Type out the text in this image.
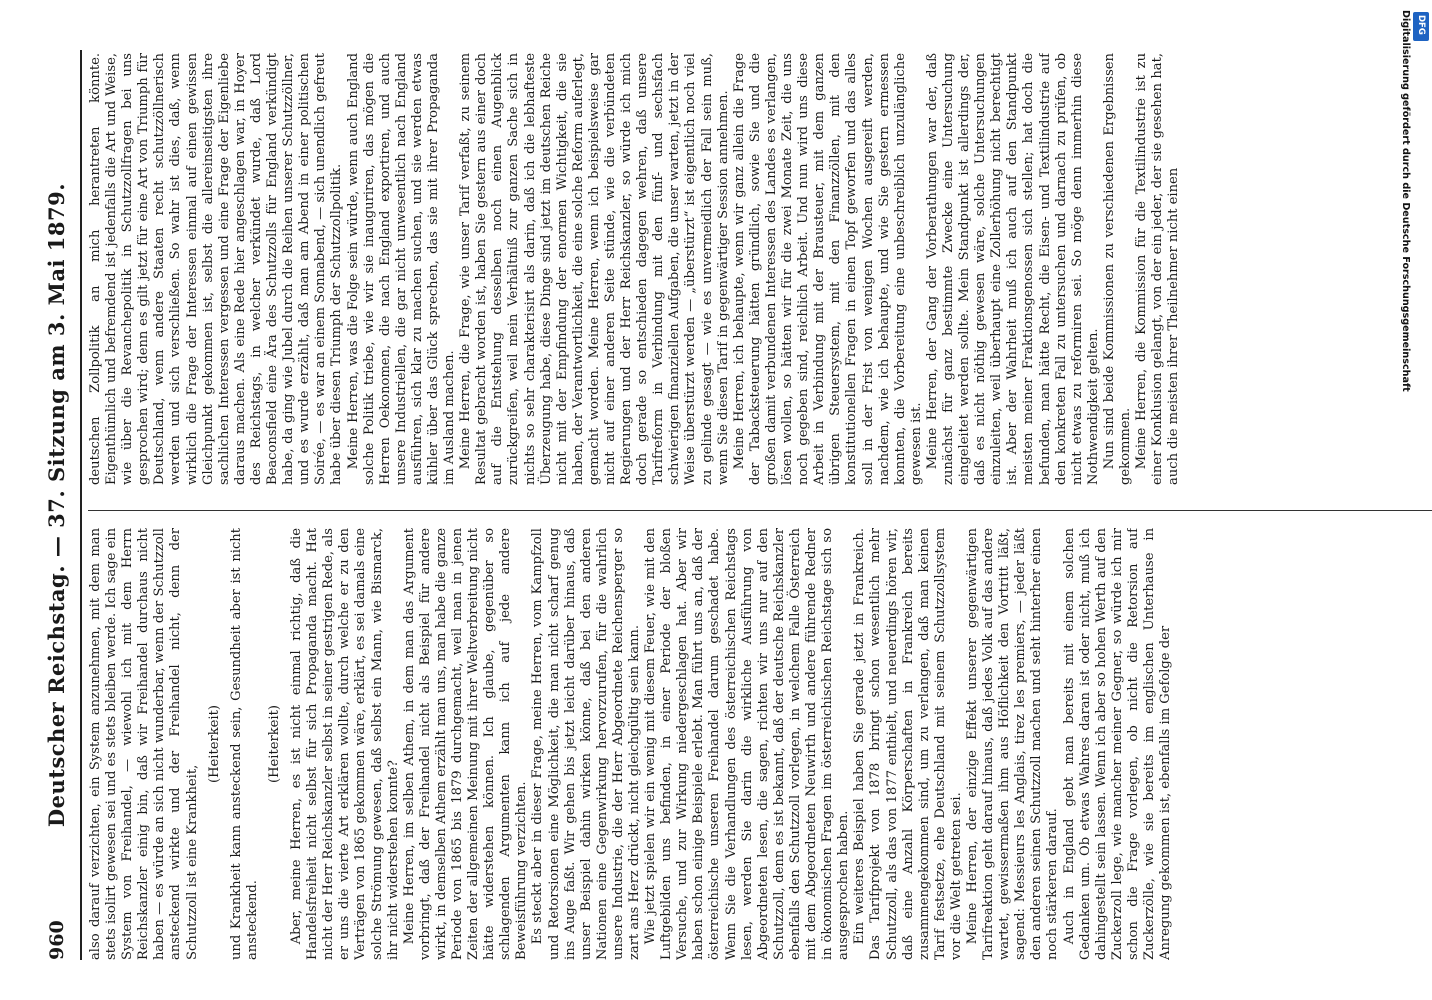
960
Deutscher Reichstag. — 37. Sitzung am 3. Mai 1879. also darauf verzichten, ein System anzunehmen, mit dem man stets isolirt gewesen sei und es stets bleiben werde. Ich sage ein System von Freihandel, — wiewohl ich mit dem Herrn Reichskanzler einig bin, daß wir Freihandel durchaus nicht haben — es würde an sich nicht wunderbar, wenn der Schutzzoll ansteckend wirkte und der Freihandel nicht, denn der Schutzzoll ist eine Krankheit,

(Heiterkeit) und Krankheit kann ansteckend sein, Gesundheit aber ist nicht ansteckend.

(Heiterkeit) Aber, meine Herren, es ist nicht einmal richtig, daß die Handelsfreiheit nicht selbst für sich Propaganda macht. Hat nicht der Herr Reichskanzler selbst in seiner gestrigen Rede, als er uns die vierte Art erklären wollte, durch welche er zu den Verträgen von 1865 gekommen wäre, erklärt, es sei damals eine solche Strömung gewesen, daß selbst ein Mann, wie Bismarck, ihr nicht widerstehen konnte? Meine Herren, im selben Athem, in dem man das Argument vorbringt, daß der Freihandel nicht als Beispiel für andere wirkt, in demselben Athem erzählt man uns, man habe die ganze Periode von 1865 bis 1879 durchgemacht, weil man in jenen Zeiten der allgemeinen Meinung mit ihrer Weltverbreitung nicht hätte widerstehen können. Ich glaube, gegenüber so schlagenden Argumenten kann ich auf jede andere Beweisführung verzichten. Es steckt aber in dieser Frage, meine Herren, vom Kampfzoll und Retorsionen eine Möglichkeit, die man nicht scharf genug ins Auge faßt. Wir gehen bis jetzt leicht darüber hinaus, daß unser Beispiel dahin wirken könne, daß bei den anderen Nationen eine Gegenwirkung hervorzurufen, für die wahrlich unsere Industrie, die der Herr Abgeordnete Reichensperger so zart ans Herz drückt, nicht gleichgültig sein kann. Wie jetzt spielen wir ein wenig mit diesem Feuer, wie mit den Luftgebilden uns befinden, in einer Periode der bloßen Versuche, und zur Wirkung niedergeschlagen hat. Aber wir haben schon einige Beispiele erlebt. Man führt uns an, daß der österreichische unseren Freihandel darum geschadet habe. Wenn Sie die Verhandlungen des österreichischen Reichstags lesen, werden Sie darin die wirkliche Ausführung von Abgeordneten lesen, die sagen, richten wir uns nur auf den Schutzzoll, denn es ist bekannt, daß der deutsche Reichskanzler ebenfalls den Schutzzoll vorlegen, in welchem Falle Österreich mit dem Abgeordneten Neuwirth und andere führende Redner in ökonomischen Fragen im österreichischen Reichstage sich so ausgesprochen haben. Ein weiteres Beispiel haben Sie gerade jetzt in Frankreich. Das Tarifprojekt von 1878 bringt schon wesentlich mehr Schutzzoll, als das von 1877 enthielt, und neuerdings hören wir, daß eine Anzahl Körperschaften in Frankreich bereits zusammengekommen sind, um zu verlangen, daß man keinen Tarif festsetze, ehe Deutschland mit seinem Schutzzollsystem vor die Welt getreten sei. Meine Herren, der einzige Effekt unserer gegenwärtigen Tarifreaktion geht darauf hinaus, daß jedes Volk auf das andere wartet, gewissermaßen ihm aus Höflichkeit den Vortritt läßt, sagend: Messieurs les Anglais, tirez les premiers, — jeder läßt den anderen seinen Schutzzoll machen und seht hinterher einen noch stärkeren darauf. Auch in England gebt man bereits mit einem solchen Gedanken um. Ob etwas Wahres daran ist oder nicht, muß ich dahingestellt sein lassen. Wenn ich aber so hohen Werth auf den Zuckerzoll lege, wie mancher meiner Gegner, so würde ich mir schon die Frage vorlegen, ob nicht die Retorsion auf Zuckerzölle, wie sie bereits im englischen Unterhause in Anregung gekommen ist, ebenfalls im Gefolge der

deutschen Zollpolitik an mich herantreten könnte. Eigenthümlich und befremdend ist jedenfalls die Art und Weise, wie über die Revanchepolitik in Schutzzollfragen bei uns gesprochen wird; denn es gilt jetzt für eine Art von Triumph für Deutschland, wenn andere Staaten recht schutzzöllnerisch werden und sich verschließen. So wahr ist dies, daß, wenn wirklich die Frage der Interessen einmal auf einen gewissen Gleichpunkt gekommen ist, selbst die allereinseitigsten ihre sachlichen Interessen vergessen und eine Frage der Eigenliebe daraus machen. Als eine Rede hier angeschlagen war, in Hoyer des Reichstags, in welcher verkündet wurde, daß Lord Beaconsfield eine Ära des Schutzzolls für England verkündigt habe, da ging wie Jubel durch die Reihen unserer Schutzzöllner, und es wurde erzählt, daß man am Abend in einer politischen Soirée, — es war an einem Sonnabend, — sich unendlich gefreut habe über diesen Triumph der Schutzzollpolitik. Meine Herren, was die Folge sein würde, wenn auch England solche Politik triebe, wie wir sie inauguriren, das mögen die Herren Oekonomen, die nach England exportiren, und auch unsere Industriellen, die gar nicht unwesentlich nach England ausführen, sich klar zu machen suchen, und sie werden etwas kühler über das Glück sprechen, das sie mit ihrer Propaganda im Ausland machen. Meine Herren, die Frage, wie unser Tarif verfaßt, zu seinem Resultat gebracht worden ist, haben Sie gestern aus einer doch auf die Entstehung desselben noch einen Augenblick zurückgreifen, weil mein Verhältniß zur ganzen Sache sich in nichts so sehr charakterisirt als darin, daß ich die lebhafteste Überzeugung habe, diese Dinge sind jetzt im deutschen Reiche nicht mit der Empfindung der enormen Wichtigkeit, die sie haben, der Verantwortlichkeit, die eine solche Reform auferlegt, gemacht worden. Meine Herren, wenn ich beispielsweise gar nicht auf einer anderen Seite stünde, wie die verbündeten Regierungen und der Herr Reichskanzler, so würde ich mich doch gerade so entschieden dagegen wehren, daß unsere Tarifreform in Verbindung mit den fünf- und sechsfach schwierigen finanziellen Aufgaben, die unser warten, jetzt in der Weise überstürzt werden — „überstürzt“ ist eigentlich noch viel zu gelinde gesagt — wie es unvermeidlich der Fall sein muß, wenn Sie diesen Tarif in gegenwärtiger Session annehmen. Meine Herren, ich behaupte, wenn wir ganz allein die Frage der Tabacksteuerung hätten gründlich, sowie Sie und die großen damit verbundenen Interessen des Landes es verlangen, lösen wollen, so hätten wir für die zwei Monate Zeit, die uns noch gegeben sind, reichlich Arbeit. Und nun wird uns diese Arbeit in Verbindung mit der Brausteuer, mit dem ganzen übrigen Steuersystem, mit den Finanzzöllen, mit den konstitutionellen Fragen in einen Topf geworfen und das alles soll in der Frist von wenigen Wochen ausgereift werden, nachdem, wie ich behaupte, und wie Sie gestern ermessen konnten, die Vorbereitung eine unbeschreiblich unzulängliche gewesen ist. Meine Herren, der Gang der Vorberathungen war der, daß zunächst für ganz bestimmte Zwecke eine Untersuchung eingeleitet werden sollte. Mein Standpunkt ist allerdings der, daß es nicht nöthig gewesen wäre, solche Untersuchungen einzuleiten, weil überhaupt eine Zollerhöhung nicht berechtigt ist. Aber der Wahrheit muß ich auch auf den Standpunkt meisten meiner Fraktionsgenossen sich stellen; hat doch die befunden, man hätte Recht, die Eisen- und Textilindustrie auf den konkreten Fall zu untersuchen und darnach zu prüfen, ob nicht etwas zu reformiren sei. So möge denn immerhin diese Nothwendigkeit gelten. Nun sind beide Kommissionen zu verschiedenen Ergebnissen gekommen. Meine Herren, die Kommission für die Textilindustrie ist zu einer Konklusion gelangt, von der ein jeder, der sie gesehen hat, auch die meisten ihrer Theilnehmer nicht einen

DFG
Digitalisierung gefördert durch die Deutsche Forschungsgemeinschaft
